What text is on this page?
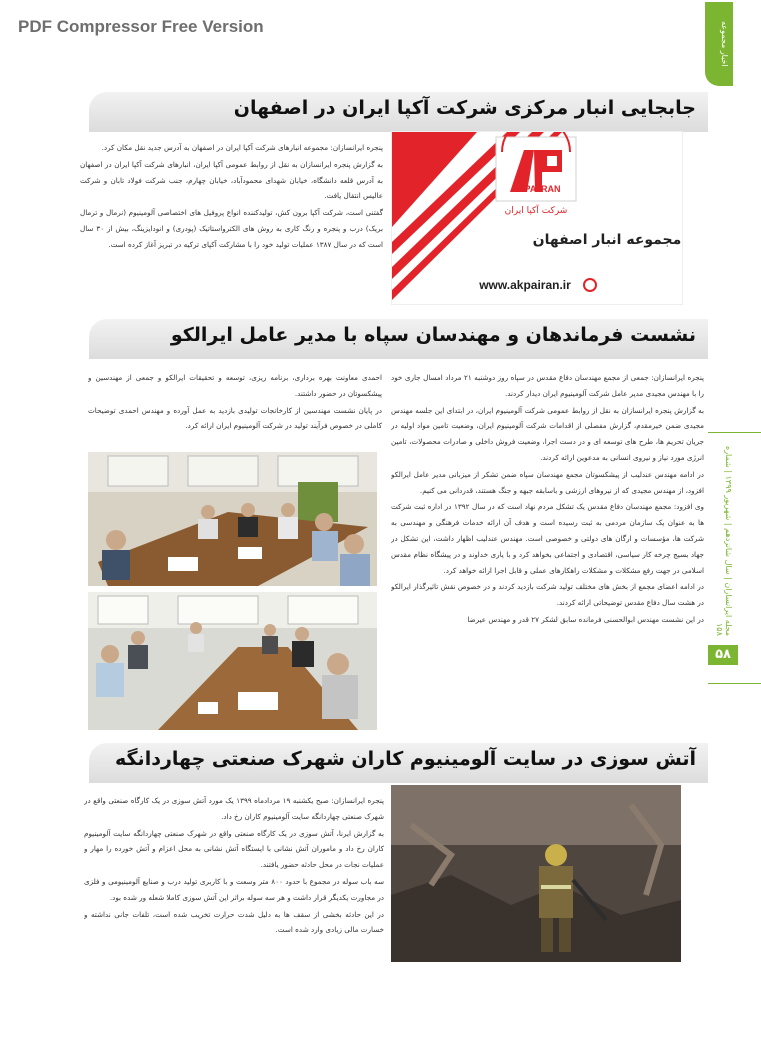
PDF Compressor Free Version	اخبار مجموعه
جابجایی انبار مرکزی شرکت آکپا ایران در اصفهان

پنجره ایرانسازان: مجموعه انبارهای شرکت آکپا ایران در اصفهان به آدرس جدید نقل مکان کرد.

به گزارش پنجره ایرانسازان به نقل از روابط عمومی آکپا ایران، انبارهای شرکت آکپا ایران در اصفهان به آدرس قلعه دانشگاه، خیابان شهدای محمودآباد، خیابان چهارم، جنب شرکت فولاد تابان و شرکت عالیس انتقال یافت.

گفتنی است، شرکت آکپا برون کش، تولیدکننده انواع پروفیل های اختصاصی آلومینیوم (نرمال و ترمال بریک) درب و پنجره و رنگ کاری به روش های الکترواستاتیک (پودری) و انودایزینگ، بیش از ۳۰ سال است که در سال ۱۳۸۷ عملیات تولید خود را با مشارکت آکپای ترکیه در تبریز آغاز کرده است.

AKPA IRAN
شرکت آکپا ایران
مجموعه انبار اصفهان
www.akpairan.ir
نشست فرماندهان و مهندسان سپاه با مدیر عامل ایرالکو

احمدی معاونت بهره برداری، برنامه ریزی، توسعه و تحقیقات ایرالکو و جمعی از مهندسین و پیشکسوتان در حضور داشتند.

در پایان نشست مهندسین از کارخانجات تولیدی بازدید به عمل آورده و مهندس احمدی توضیحات کاملی در خصوص فرآیند تولید در شرکت آلومینیوم ایران ارائه کرد.

پنجره ایرانسازان: جمعی از مجمع مهندسان دفاع مقدس در سپاه روز دوشنبه ۲۱ مرداد امسال جاری خود را با مهندس مجیدی مدیر عامل شرکت آلومینیوم ایران دیدار کردند.

به گزارش پنجره ایرانسازان به نقل از روابط عمومی شرکت آلومینیوم ایران، در ابتدای این جلسه مهندس مجیدی ضمن خیرمقدم، گزارش مفصلی از اقدامات شرکت آلومینیوم ایران، وضعیت تامین مواد اولیه در جریان تحریم ها، طرح های توسعه ای و در دست اجرا، وضعیت فروش داخلی و صادرات محصولات، تامین انرژی مورد نیاز و نیروی انسانی به مدعوین ارائه کردند.

در ادامه مهندس عندلیب از پیشکسوتان مجمع مهندسان سپاه ضمن تشکر از میزبانی مدیر عامل ایرالکو افزود، از مهندس مجیدی که از نیروهای ارزشی و باسابقه جبهه و جنگ هستند، قدردانی می کنیم.

وی افزود: مجمع مهندسان دفاع مقدس یک تشکل مردم نهاد است که در سال ۱۳۹۲ در اداره ثبت شرکت ها به عنوان یک سازمان مردمی به ثبت رسیده است و هدف آن ارائه خدمات فرهنگی و مهندسی به شرکت ها، مؤسسات و ارگان های دولتی و خصوصی است. مهندس عندلیب اظهار داشت، این تشکل در جهاد بسیج چرخه کار سیاسی، اقتصادی و اجتماعی بخواهد کرد و با یاری خداوند و در پیشگاه نظام مقدس اسلامی در جهت رفع مشکلات و مشکلات راهکارهای عملی و قابل اجرا ارائه خواهد کرد.

در ادامه اعضای مجمع از بخش های مختلف تولید شرکت بازدید کردند و در خصوص نقش تاثیرگذار ایرالکو در هشت سال دفاع مقدس توضیحاتی ارائه کردند.

در این نشست مهندس ابوالحسنی فرمانده سابق لشکر ۲۷ قدر و مهندس عیرضا

آتش سوزی در سایت آلومینیوم کاران شهرک صنعتی چهاردانگه

پنجره ایرانسازان: صبح یکشنبه ۱۹ مردادماه ۱۳۹۹ یک مورد آتش سوزی در یک کارگاه صنعتی واقع در شهرک صنعتی چهاردانگه سایت آلومینیوم کاران رخ داد.

به گزارش ایرنا، آتش سوزی در یک کارگاه صنعتی واقع در شهرک صنعتی چهاردانگه سایت آلومینیوم کاران رخ داد و ماموران آتش نشانی با ایستگاه آتش نشانی به محل اعزام و آتش خورده را مهار و عملیات نجات در محل حادثه حضور یافتند.

سه باب سوله در مجموع با حدود ۸۰۰ متر وسعت و با کاربری تولید درب و صنایع آلومینیومی و فلزی در مجاورت یکدیگر قرار داشت و هر سه سوله براثر این آتش سوزی کاملا شعله ور شده بود.

در این حادثه بخشی از سقف ها به دلیل شدت حرارت تخریب شده است، تلفات جانی نداشته و خسارت مالی زیادی وارد شده است.

مجله ایرانسازان | سال شانزدهم | شهریور ۱۳۹۹ | شماره ۱۵۸
۵۸
